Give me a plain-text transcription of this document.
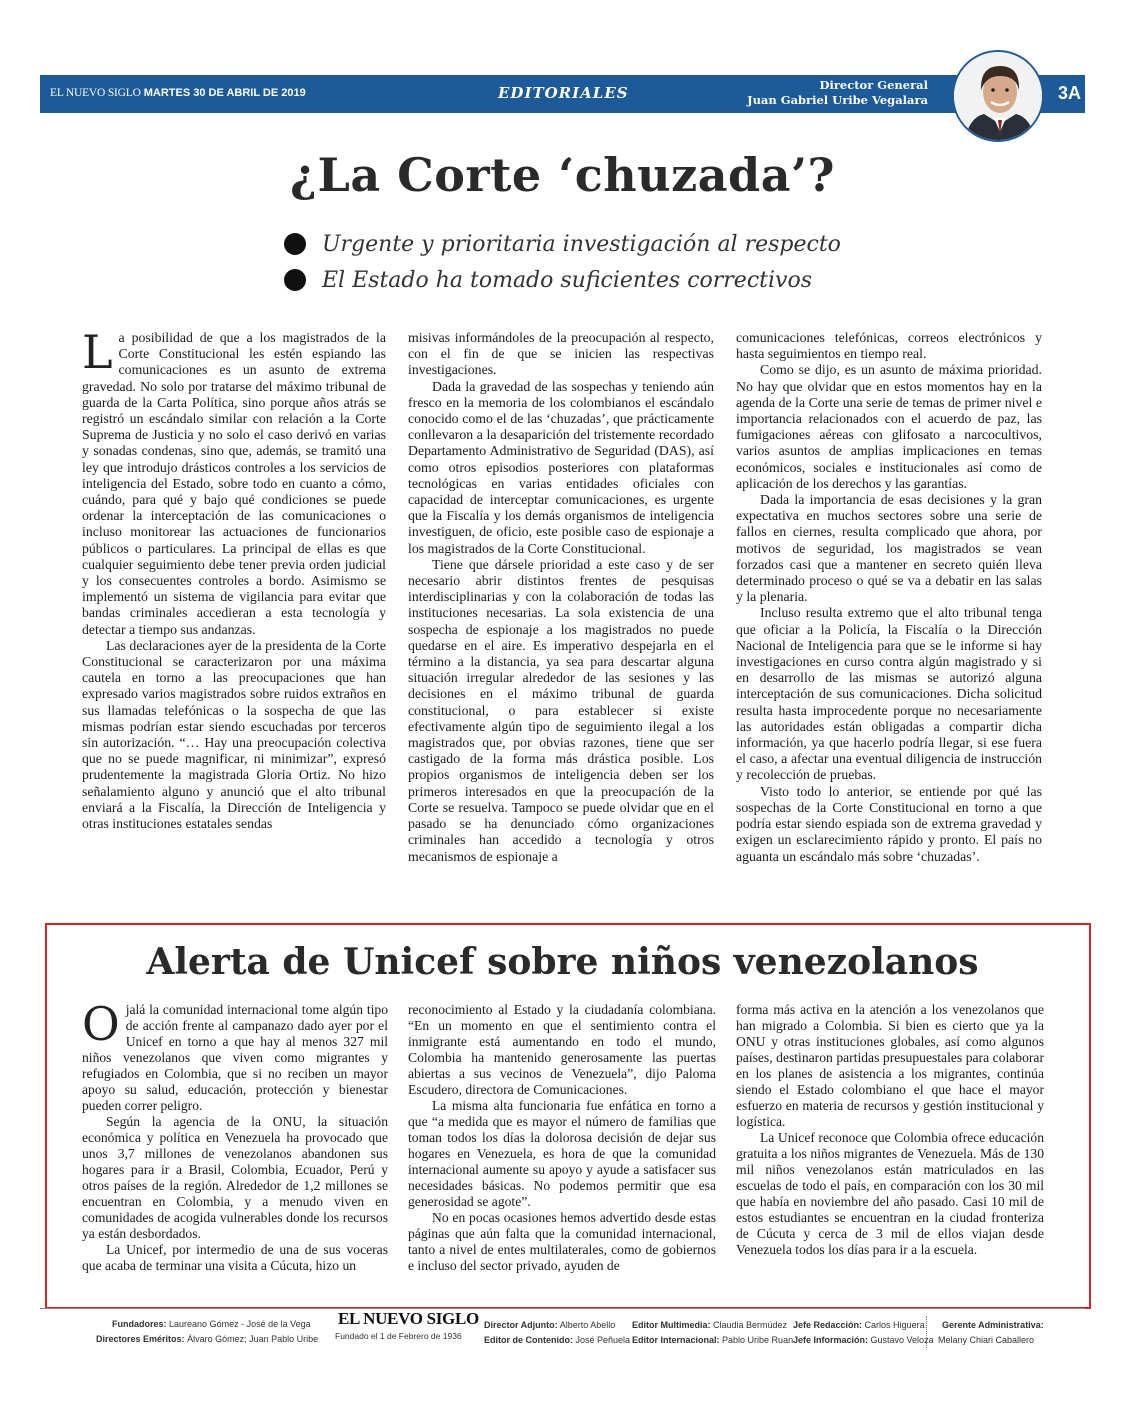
EL NUEVO SIGLO MARTES 30 DE ABRIL DE 2019	EDITORIALES	Director General
Juan Gabriel Uribe Vegalara	3A
¿La Corte ‘chuzada’?
Urgente y prioritaria investigación al respecto
El Estado ha tomado suficientes correctivos

La posibilidad de que a los magistrados de la Corte Constitucional les estén espiando las comunicaciones es un asunto de extrema gravedad. No solo por tratarse del máximo tribunal de guarda de la Carta Política, sino porque años atrás se registró un escándalo similar con relación a la Corte Suprema de Justicia y no solo el caso derivó en varias y sonadas condenas, sino que, además, se tramitó una ley que introdujo drásticos controles a los servicios de inteligencia del Estado, sobre todo en cuanto a cómo, cuándo, para qué y bajo qué condiciones se puede ordenar la interceptación de las comunicaciones o incluso monitorear las actuaciones de funcionarios públicos o particulares. La principal de ellas es que cualquier seguimiento debe tener previa orden judicial y los consecuentes controles a bordo. Asimismo se implementó un sistema de vigilancia para evitar que bandas criminales accedieran a esta tecnología y detectar a tiempo sus andanzas.

Las declaraciones ayer de la presidenta de la Corte Constitucional se caracterizaron por una máxima cautela en torno a las preocupaciones que han expresado varios magistrados sobre ruidos extraños en sus llamadas telefónicas o la sospecha de que las mismas podrían estar siendo escuchadas por terceros sin autorización. “… Hay una preocupación colectiva que no se puede magnificar, ni minimizar”, expresó prudentemente la magistrada Gloria Ortiz. No hizo señalamiento alguno y anunció que el alto tribunal enviará a la Fiscalía, la Dirección de Inteligencia y otras instituciones estatales sendas

misivas informándoles de la preocupación al respecto, con el fin de que se inicien las respectivas investigaciones.

Dada la gravedad de las sospechas y teniendo aún fresco en la memoria de los colombianos el escándalo conocido como el de las ‘chuzadas’, que prácticamente conllevaron a la desaparición del tristemente recordado Departamento Administrativo de Seguridad (DAS), así como otros episodios posteriores con plataformas tecnológicas en varias entidades oficiales con capacidad de interceptar comunicaciones, es urgente que la Fiscalía y los demás organismos de inteligencia investiguen, de oficio, este posible caso de espionaje a los magistrados de la Corte Constitucional.

Tiene que dársele prioridad a este caso y de ser necesario abrir distintos frentes de pesquisas interdisciplinarias y con la colaboración de todas las instituciones necesarias. La sola existencia de una sospecha de espionaje a los magistrados no puede quedarse en el aire. Es imperativo despejarla en el término a la distancia, ya sea para descartar alguna situación irregular alrededor de las sesiones y las decisiones en el máximo tribunal de guarda constitucional, o para establecer si existe efectivamente algún tipo de seguimiento ilegal a los magistrados que, por obvias razones, tiene que ser castigado de la forma más drástica posible. Los propios organismos de inteligencia deben ser los primeros interesados en que la preocupación de la Corte se resuelva. Tampoco se puede olvidar que en el pasado se ha denunciado cómo organizaciones criminales han accedido a tecnología y otros mecanismos de espionaje a

comunicaciones telefónicas, correos electrónicos y hasta seguimientos en tiempo real.

Como se dijo, es un asunto de máxima prioridad. No hay que olvidar que en estos momentos hay en la agenda de la Corte una serie de temas de primer nivel e importancia relacionados con el acuerdo de paz, las fumigaciones aéreas con glifosato a narcocultivos, varios asuntos de amplias implicaciones en temas económicos, sociales e institucionales así como de aplicación de los derechos y las garantías.

Dada la importancia de esas decisiones y la gran expectativa en muchos sectores sobre una serie de fallos en ciernes, resulta complicado que ahora, por motivos de seguridad, los magistrados se vean forzados casi que a mantener en secreto quién lleva determinado proceso o qué se va a debatir en las salas y la plenaria.

Incluso resulta extremo que el alto tribunal tenga que oficiar a la Policía, la Fiscalía o la Dirección Nacional de Inteligencia para que se le informe si hay investigaciones en curso contra algún magistrado y si en desarrollo de las mismas se autorizó alguna interceptación de sus comunicaciones. Dicha solicitud resulta hasta improcedente porque no necesariamente las autoridades están obligadas a compartir dicha información, ya que hacerlo podría llegar, si ese fuera el caso, a afectar una eventual diligencia de instrucción y recolección de pruebas.

Visto todo lo anterior, se entiende por qué las sospechas de la Corte Constitucional en torno a que podría estar siendo espiada son de extrema gravedad y exigen un esclarecimiento rápido y pronto. El país no aguanta un escándalo más sobre ‘chuzadas’.

Alerta de Unicef sobre niños venezolanos

Ojalá la comunidad internacional tome algún tipo de acción frente al campanazo dado ayer por el Unicef en torno a que hay al menos 327 mil niños venezolanos que viven como migrantes y refugiados en Colombia, que si no reciben un mayor apoyo su salud, educación, protección y bienestar pueden correr peligro.

Según la agencia de la ONU, la situación económica y política en Venezuela ha provocado que unos 3,7 millones de venezolanos abandonen sus hogares para ir a Brasil, Colombia, Ecuador, Perú y otros países de la región. Alrededor de 1,2 millones se encuentran en Colombia, y a menudo viven en comunidades de acogida vulnerables donde los recursos ya están desbordados.

La Unicef, por intermedio de una de sus voceras que acaba de terminar una visita a Cúcuta, hizo un

reconocimiento al Estado y la ciudadanía colombiana. “En un momento en que el sentimiento contra el inmigrante está aumentando en todo el mundo, Colombia ha mantenido generosamente las puertas abiertas a sus vecinos de Venezuela”, dijo Paloma Escudero, directora de Comunicaciones.

La misma alta funcionaria fue enfática en torno a que “a medida que es mayor el número de familias que toman todos los días la dolorosa decisión de dejar sus hogares en Venezuela, es hora de que la comunidad internacional aumente su apoyo y ayude a satisfacer sus necesidades básicas. No podemos permitir que esa generosidad se agote”.

No en pocas ocasiones hemos advertido desde estas páginas que aún falta que la comunidad internacional, tanto a nivel de entes multilaterales, como de gobiernos e incluso del sector privado, ayuden de

forma más activa en la atención a los venezolanos que han migrado a Colombia. Si bien es cierto que ya la ONU y otras instituciones globales, así como algunos países, destinaron partidas presupuestales para colaborar en los planes de asistencia a los migrantes, continúa siendo el Estado colombiano el que hace el mayor esfuerzo en materia de recursos y gestión institucional y logística.

La Unicef reconoce que Colombia ofrece educación gratuita a los niños migrantes de Venezuela. Más de 130 mil niños venezolanos están matriculados en las escuelas de todo el país, en comparación con los 30 mil que había en noviembre del año pasado. Casi 10 mil de estos estudiantes se encuentran en la ciudad fronteriza de Cúcuta y cerca de 3 mil de ellos viajan desde Venezuela todos los días para ir a la escuela.

Fundadores: Laureano Gómez - José de la Vega
Directores Eméritos: Álvaro Gómez; Juan Pablo Uribe
EL NUEVO SIGLO
Fundado el 1 de Febrero de 1936
Director Adjunto: Alberto Abello
Editor de Contenido: José Peñuela
Editor Multimedia: Claudia Bermúdez
Editor Internacional: Pablo Uribe Ruan
Jefe Redacción: Carlos Higuera
Jefe Información: Gustavo Veloza
Gerente Administrativa:
Melany Chiari Caballero
